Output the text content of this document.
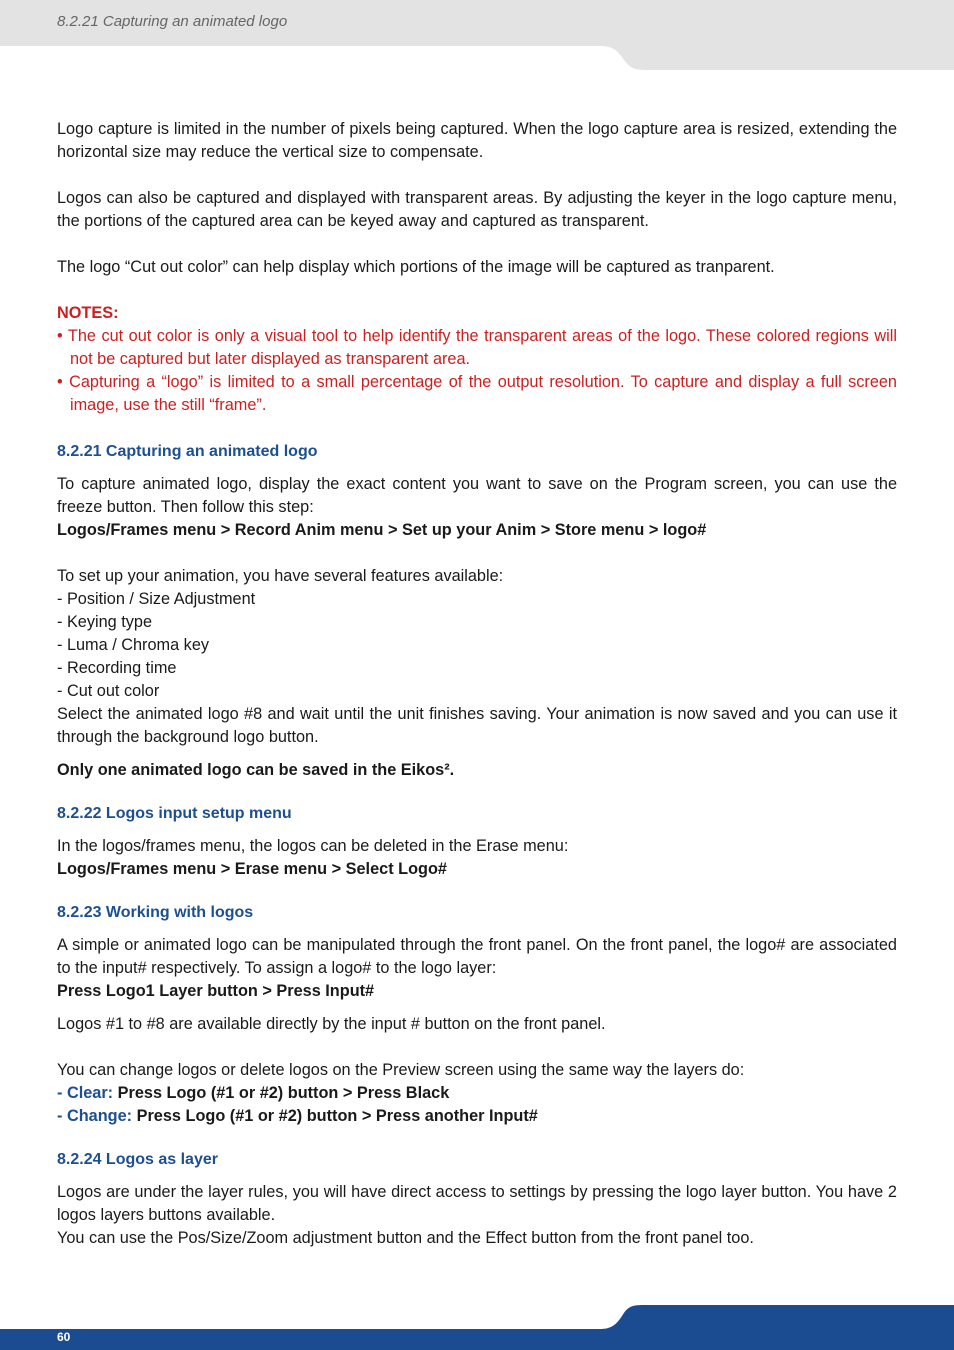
8.2.21 Capturing an animated logo

Logo capture is limited in the number of pixels being captured. When the logo capture area is resized, extending the horizontal size may reduce the vertical size to compensate.

Logos can also be captured and displayed with transparent areas. By adjusting the keyer in the logo capture menu, the portions of the captured area can be keyed away and captured as transparent.

The logo “Cut out color” can help display which portions of the image will be captured as tranparent.

NOTES:

• The cut out color is only a visual tool to help identify the transparent areas of the logo. These colored regions will not be captured but later displayed as transparent area.

• Capturing a “logo” is limited to a small percentage of the output resolution. To capture and display a full screen image, use the still “frame”.

8.2.21 Capturing an animated logo

To capture animated logo, display the exact content you want to save on the Program screen, you can use the freeze button. Then follow this step:

Logos/Frames menu > Record Anim menu > Set up your Anim > Store menu > logo#

To set up your animation, you have several features available:

- Position / Size Adjustment

- Keying type

- Luma / Chroma key

- Recording time

- Cut out color

Select the animated logo #8 and wait until the unit finishes saving. Your animation is now saved and you can use it through the background logo button.

Only one animated logo can be saved in the Eikos².

8.2.22 Logos input setup menu

In the logos/frames menu, the logos can be deleted in the Erase menu:

Logos/Frames menu > Erase menu > Select Logo#

8.2.23 Working with logos

A simple or animated logo can be manipulated through the front panel. On the front panel, the logo# are associated to the input# respectively. To assign a logo# to the logo layer:

Press Logo1 Layer button > Press Input#

Logos #1 to #8 are available directly by the input # button on the front panel.

You can change logos or delete logos on the Preview screen using the same way the layers do:

- Clear: Press Logo (#1 or #2) button > Press Black

- Change: Press Logo (#1 or #2) button > Press another Input#

8.2.24 Logos as layer

Logos are under the layer rules, you will have direct access to settings by pressing the logo layer button. You have 2 logos layers buttons available.

You can use the Pos/Size/Zoom adjustment button and the Effect button from the front panel too.

60
